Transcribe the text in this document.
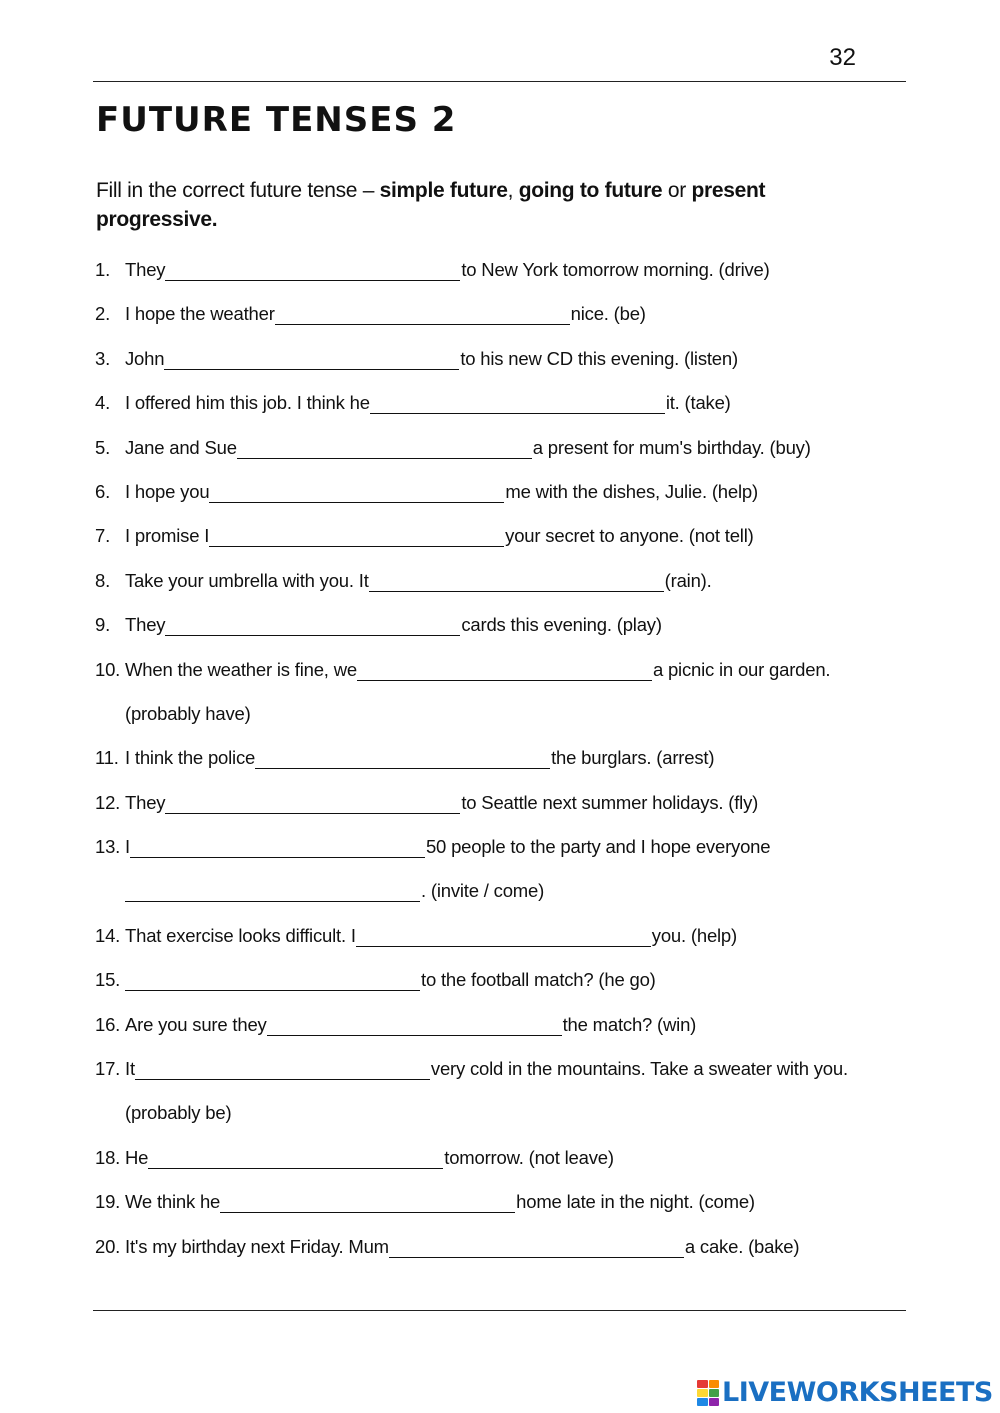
32
FUTURE TENSES 2

Fill in the correct future tense – simple future, going to future or present progressive.

1. They	to New York tomorrow morning. (drive)
2. I hope the weather	nice. (be)
3. John	to his new CD this evening. (listen)
4. I offered him this job. I think he	it. (take)
5. Jane and Sue	a present for mum's birthday. (buy)
6. I hope you	me with the dishes, Julie. (help)
7. I promise I	your secret to anyone. (not tell)
8. Take your umbrella with you. It	(rain).
9. They	cards this evening. (play)
10. When the weather is fine, we	a picnic in our garden.
(probably have)
11. I think the police	the burglars. (arrest)
12. They	to Seattle next summer holidays. (fly)
13. I	50 people to the party and I hope everyone
. (invite / come)
14. That exercise looks difficult. I	you. (help)
15.	to the football match? (he go)
16. Are you sure they	the match? (win)
17. It	very cold in the mountains. Take a sweater with you.
(probably be)
18. He	tomorrow. (not leave)
19. We think he	home late in the night. (come)
20. It's my birthday next Friday. Mum	a cake. (bake)
LIVEWORKSHEETS
